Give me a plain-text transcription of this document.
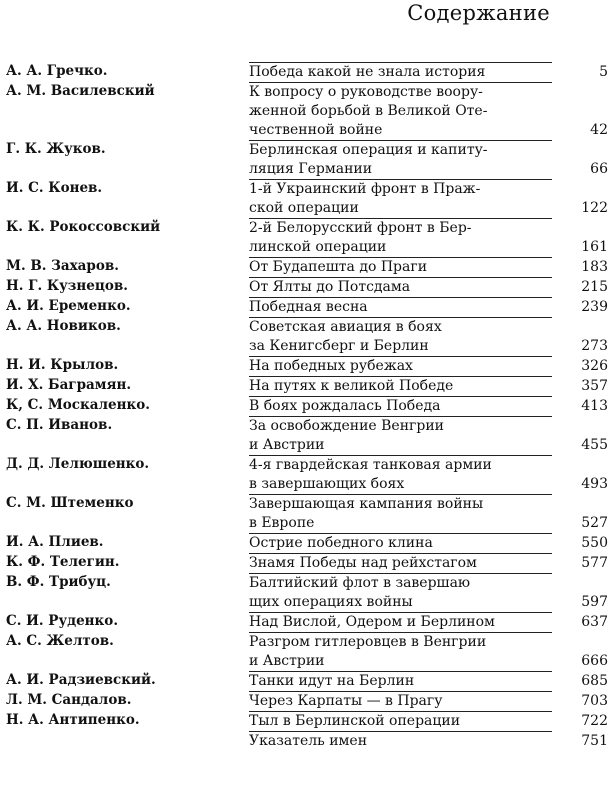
Содержание
А. А. Гречко.	Победа какой не знала история	5
А. М. Василевский	К вопросу о руководстве вооpу-
женной борьбой в Великой Оте-
чественной войне	42
Г. К. Жуков.	Берлинская операция и капиту-
ляция Германии	66
И. С. Конев.	1-й Украинский фронт в Праж-
ской операции	122
К. К. Рокоссовский	2-й Белорусский фронт в Бер-
линской операции	161
М. В. Захаров.	От Будапешта до Праги	183
Н. Г. Кузнецов.	От Ялты до Потсдама	215
А. И. Еременко.	Победная весна	239
А. А. Новиков.	Советская авиация в боях
за Кенигсберг и Берлин	273
Н. И. Крылов.	На победных рубежах	326
И. Х. Баграмян.	На путях к великой Победе	357
К, С. Москаленко.	В боях рождалась Победа	413
С. П. Иванов.	За освобождение Венгрии
и Австрии	455
Д. Д. Лелюшенко.	4-я гвардейская танковая армии
в завершающих боях	493
С. М. Штеменко	Завершающая кампания войны
в Европе	527
И. А. Плиев.	Острие победного клина	550
К. Ф. Телегин.	Знамя Победы над рейхстагом	577
В. Ф. Трибуц.	Балтийский флот в завершаю
щих операциях войны	597
С. И. Руденко.	Над Вислой, Одером и Берлином	637
А. С. Желтов.	Разгром гитлеровцев в Венгрии
и Австрии	666
А. И. Радзиевский.	Танки идут на Берлин	685
Л. М. Сандалов.	Через Карпаты — в Прагу	703
Н. А. Антипенко.	Тыл в Берлинской операции	722
Указатель имен	751
